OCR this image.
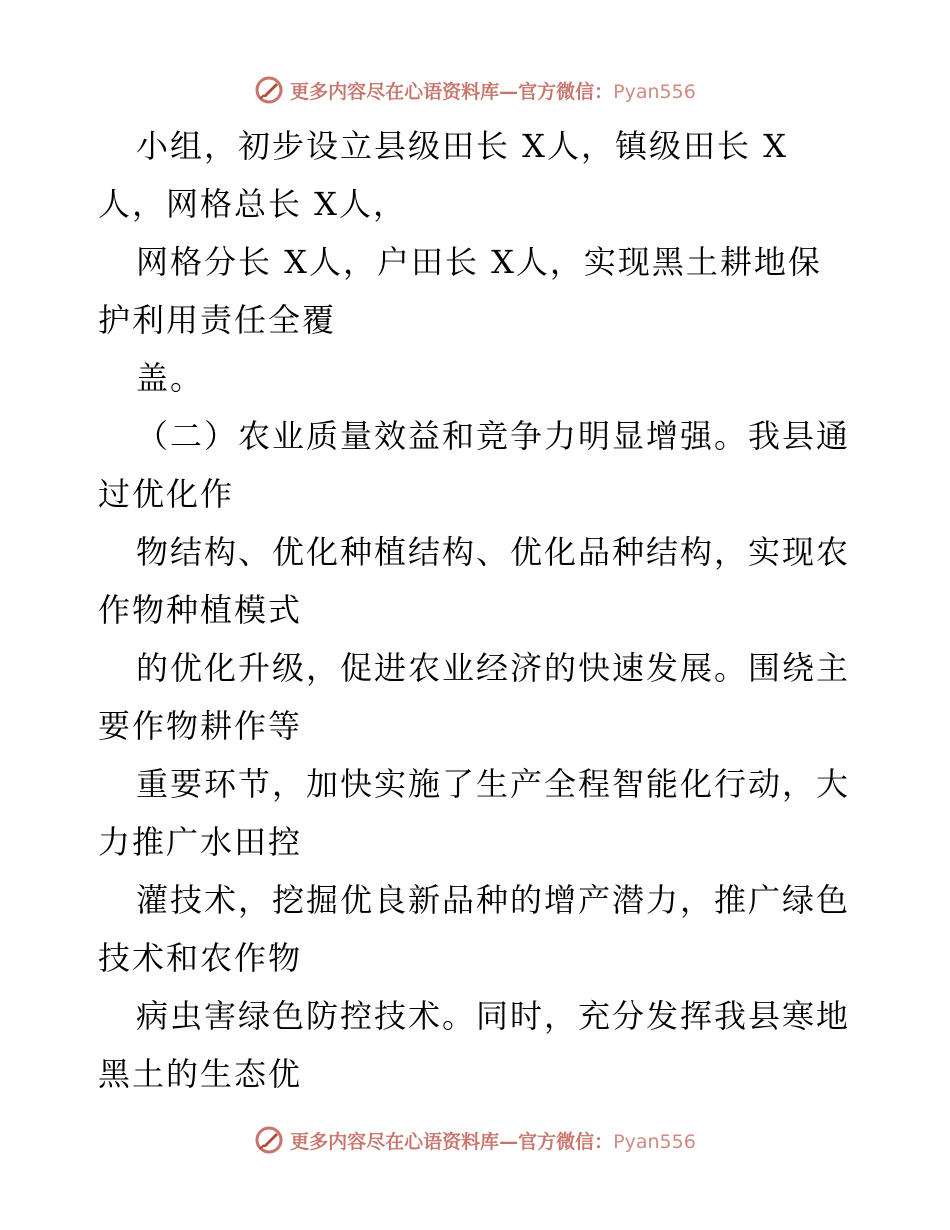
更多内容尽在心语资料库—官方微信：Pyan556
小组，初步设立县级田长 X人，镇级田长 X
人，网格总长 X人，
网格分长 X人，户田长 X人，实现黑土耕地保
护利用责任全覆
盖。
（二）农业质量效益和竞争力明显增强。我县通
过优化作
物结构、优化种植结构、优化品种结构，实现农
作物种植模式
的优化升级，促进农业经济的快速发展。围绕主
要作物耕作等
重要环节，加快实施了生产全程智能化行动，大
力推广水田控
灌技术，挖掘优良新品种的增产潜力，推广绿色
技术和农作物
病虫害绿色防控技术。同时，充分发挥我县寒地
黑土的生态优
更多内容尽在心语资料库—官方微信：Pyan556
